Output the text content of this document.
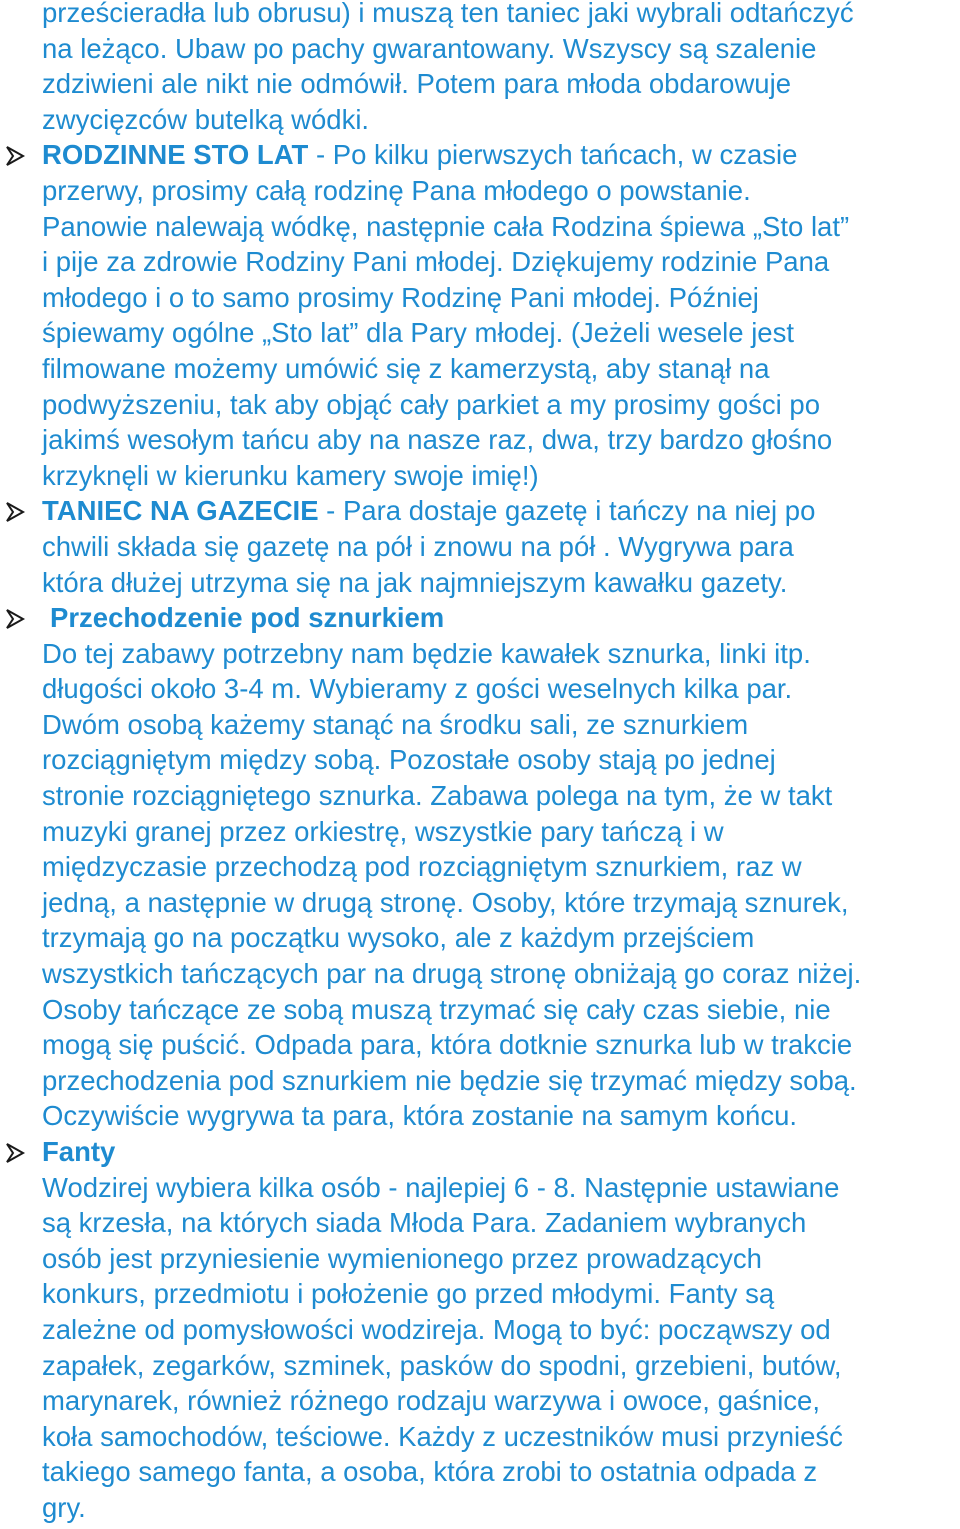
prześcieradła lub obrusu) i muszą ten taniec jaki wybrali odtańczyć
na leżąco. Ubaw po pachy gwarantowany. Wszyscy są szalenie
zdziwieni ale nikt nie odmówił. Potem para młoda obdarowuje
zwycięzców butelką wódki.
RODZINNE STO LAT - Po kilku pierwszych tańcach, w czasie
przerwy, prosimy całą rodzinę Pana młodego o powstanie.
Panowie nalewają wódkę, następnie cała Rodzina śpiewa „Sto lat”
i pije za zdrowie Rodziny Pani młodej. Dziękujemy rodzinie Pana
młodego i o to samo prosimy Rodzinę Pani młodej. Później
śpiewamy ogólne „Sto lat” dla Pary młodej. (Jeżeli wesele jest
filmowane możemy umówić się z kamerzystą, aby stanął na
podwyższeniu, tak aby objąć cały parkiet a my prosimy gości po
jakimś wesołym tańcu aby na nasze raz, dwa, trzy bardzo głośno
krzyknęli w kierunku kamery swoje imię!)
TANIEC NA GAZECIE - Para dostaje gazetę i tańczy na niej po
chwili składa się gazetę na pół i znowu na pół . Wygrywa para
która dłużej utrzyma się na jak najmniejszym kawałku gazety.
Przechodzenie pod sznurkiem
Do tej zabawy potrzebny nam będzie kawałek sznurka, linki itp.
długości około 3-4 m. Wybieramy z gości weselnych kilka par.
Dwóm osobą każemy stanąć na środku sali, ze sznurkiem
rozciągniętym między sobą. Pozostałe osoby stają po jednej
stronie rozciągniętego sznurka. Zabawa polega na tym, że w takt
muzyki granej przez orkiestrę, wszystkie pary tańczą i w
międzyczasie przechodzą pod rozciągniętym sznurkiem, raz w
jedną, a następnie w drugą stronę. Osoby, które trzymają sznurek,
trzymają go na początku wysoko, ale z każdym przejściem
wszystkich tańczących par na drugą stronę obniżają go coraz niżej.
Osoby tańczące ze sobą muszą trzymać się cały czas siebie, nie
mogą się puścić. Odpada para, która dotknie sznurka lub w trakcie
przechodzenia pod sznurkiem nie będzie się trzymać między sobą.
Oczywiście wygrywa ta para, która zostanie na samym końcu.
Fanty
Wodzirej wybiera kilka osób - najlepiej 6 - 8. Następnie ustawiane
są krzesła, na których siada Młoda Para. Zadaniem wybranych
osób jest przyniesienie wymienionego przez prowadzących
konkurs, przedmiotu i położenie go przed młodymi. Fanty są
zależne od pomysłowości wodzireja. Mogą to być: począwszy od
zapałek, zegarków, szminek, pasków do spodni, grzebieni, butów,
marynarek, również różnego rodzaju warzywa i owoce, gaśnice,
koła samochodów, teściowe. Każdy z uczestników musi przynieść
takiego samego fanta, a osoba, która zrobi to ostatnia odpada z
gry.
